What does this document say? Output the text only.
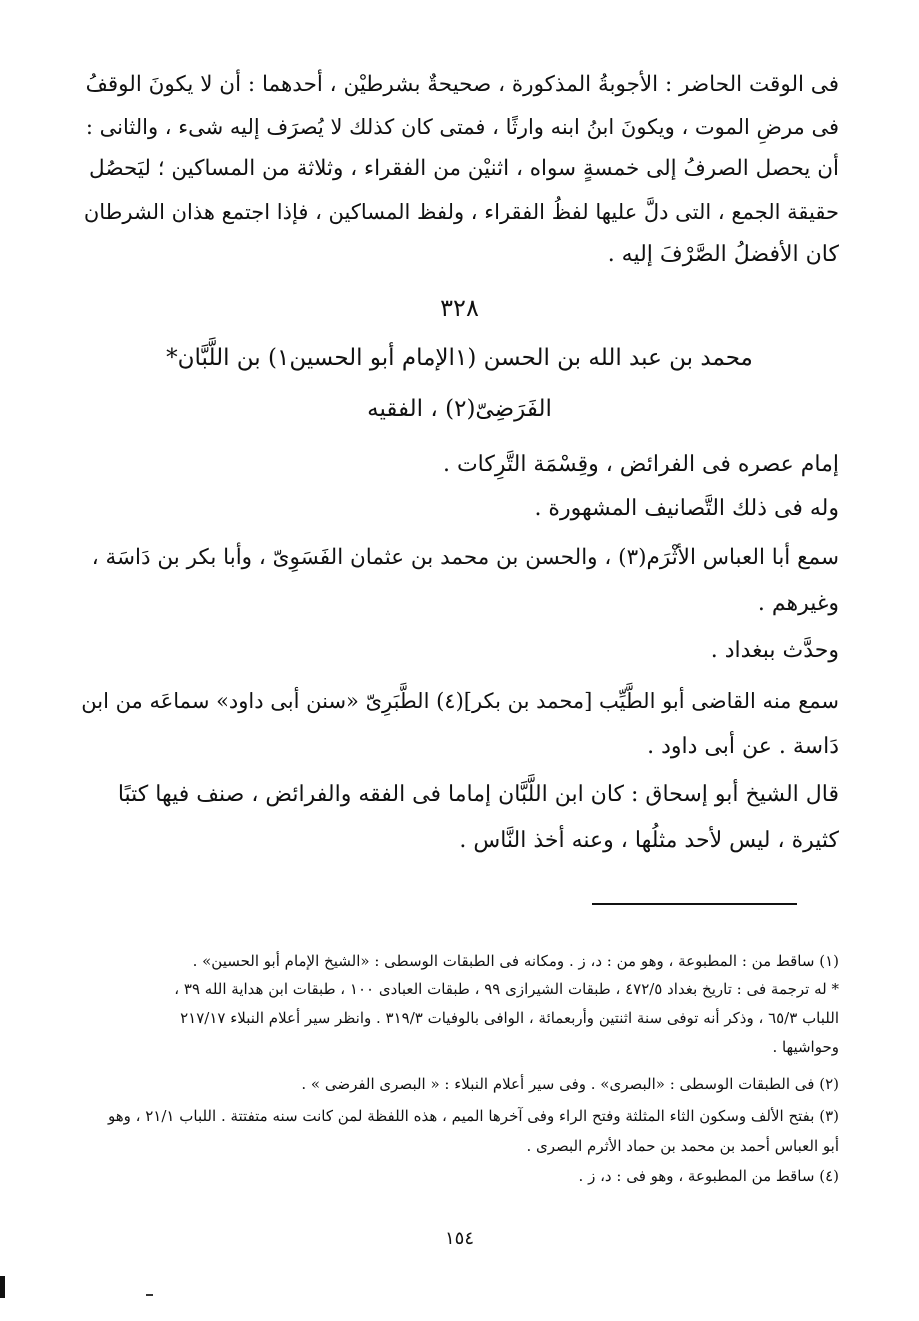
فى الوقت الحاضر : الأجوبةُ المذكورة ، صحيحةٌ بشرطيْن ، أحدهما : أن لا يكونَ الوقفُ
فى مرضِ الموت ، ويكونَ ابنُ ابنه وارثًا ، فمتى كان كذلك لا يُصرَف إليه شىء ، والثانى :
أن يحصل الصرفُ إلى خمسةٍ سواه ، اثنيْن من الفقراء ، وثلاثة من المساكين ؛ ليَحصُل
حقيقة الجمع ، التى دلَّ عليها لفظُ الفقراء ، ولفظ المساكين ، فإذا اجتمع هذان الشرطان
كان الأفضلُ الصَّرْفَ إليه .
٣٢٨
محمد بن عبد الله بن الحسن (١الإمام أبو الحسين١) بن اللَّبَّان*
الفَرَضِىّ(٢) ، الفقيه
إمام عصره فى الفرائض ، وقِسْمَة التَّرِكات .
وله فى ذلك التَّصانيف المشهورة .
سمع أبا العباس الأثْرَم(٣) ، والحسن بن محمد بن عثمان الفَسَوِىّ ، وأبا بكر بن دَاسَة ،
وغيرهم .
وحدَّث ببغداد .
سمع منه القاضى أبو الطَّيِّب [محمد بن بكر](٤) الطَّبَرِىّ «سنن أبى داود» سماعَه من ابن
دَاسة . عن أبى داود .
قال الشيخ أبو إسحاق : كان ابن اللَّبَّان إماما فى الفقه والفرائض ، صنف فيها كتبًا
كثيرة ، ليس لأحد مثلُها ، وعنه أخذ النَّاس .
(١) ساقط من : المطبوعة ، وهو من : د، ز . ومكانه فى الطبقات الوسطى : «الشيخ الإمام أبو الحسين» .
* له ترجمة فى : تاريخ بغداد ٤٧٢/٥ ، طبقات الشيرازى ٩٩ ، طبقات العبادى ١٠٠ ، طبقات ابن هداية الله ٣٩ ،
اللباب ٦٥/٣ ، وذكر أنه توفى سنة اثنتين وأربعمائة ، الوافى بالوفيات ٣١٩/٣ . وانظر سير أعلام النبلاء ٢١٧/١٧
وحواشيها .
(٢) فى الطبقات الوسطى : «البصرى» . وفى سير أعلام النبلاء : « البصرى الفرضى » .
(٣) بفتح الألف وسكون الثاء المثلثة وفتح الراء وفى آخرها الميم ، هذه اللفظة لمن كانت سنه متفتتة . اللباب ٢١/١ ، وهو
أبو العباس أحمد بن محمد بن حماد الأثرم البصرى .
(٤) ساقط من المطبوعة ، وهو فى : د، ز .
١٥٤
